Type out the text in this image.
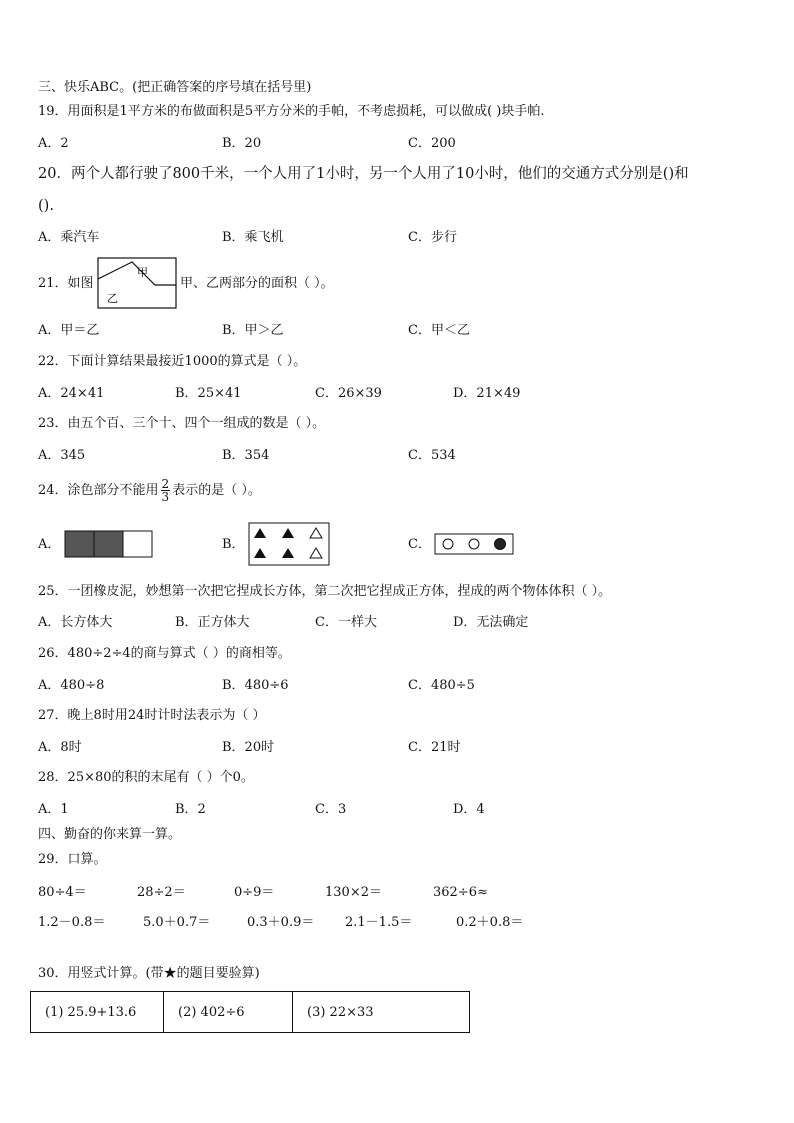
三、快乐ABC。(把正确答案的序号填在括号里)
19．用面积是1平方米的布做面积是5平方分米的手帕，不考虑损耗，可以做成( )块手帕.
A．2	B．20	C．200
20．两个人都行驶了800千米，一个人用了1小时，另一个人用了10小时，他们的交通方式分别是()和
().
A．乘汽车	B．乘飞机	C．步行
21．如图
甲
乙
甲、乙两部分的面积（ ）。
A．甲＝乙	B．甲＞乙	C．甲＜乙
22．下面计算结果最接近1000的算式是（ ）。
A．24×41	B．25×41	C．26×39	D．21×49
23．由五个百、三个十、四个一组成的数是（ ）。
A．345	B．354	C．534
24．涂色部分不能用 $\frac{2}{3}$ 表示的是（ ）。
A．	B．	C．
25．一团橡皮泥，妙想第一次把它捏成长方体，第二次把它捏成正方体，捏成的两个物体体积（ ）。
A．长方体大	B．正方体大	C．一样大	D．无法确定
26．480÷2÷4的商与算式（ ）的商相等。
A．480÷8	B．480÷6	C．480÷5
27．晚上8时用24时计时法表示为（ ）
A．8时	B．20时	C．21时
28．25×80的积的末尾有（ ）个0。
A．1	B．2	C．3	D．4
四、勤奋的你来算一算。
29．口算。
80÷4＝	28÷2＝	0÷9＝	130×2＝	362÷6≈
1.2－0.8＝	5.0＋0.7＝	0.3＋0.9＝ 2.1－1.5＝	0.2＋0.8＝
30．用竖式计算。(带★的题目要验算)
(1) 25.9+13.6	(2) 402÷6	(3) 22×33
